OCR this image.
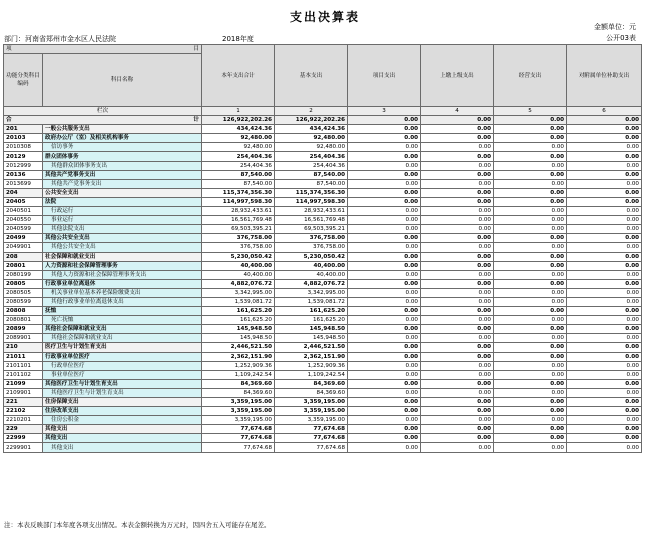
支出决算表
金额单位：元
公开03表
部门：河南省郑州市金水区人民法院	2018年度
项 目		本年支出合计	基本支出	项目支出	上缴上级支出	经营支出	对附属单位补助支出
功能分类科目编码	科目名称						
栏次		1	2	3	4	5	6

合 计		126,922,202.26	126,922,202.26	0.00	0.00	0.00	0.00
201	一般公共服务支出	434,424.36	434,424.36	0.00	0.00	0.00	0.00
20103	政府办公厅（室）及相关机构事务	92,480.00	92,480.00	0.00	0.00	0.00	0.00
2010308	信访事务	92,480.00	92,480.00	0.00	0.00	0.00	0.00
20129	群众团体事务	254,404.36	254,404.36	0.00	0.00	0.00	0.00
2012999	其他群众团体事务支出	254,404.36	254,404.36	0.00	0.00	0.00	0.00
20136	其他共产党事务支出	87,540.00	87,540.00	0.00	0.00	0.00	0.00
2013699	其他共产党事务支出	87,540.00	87,540.00	0.00	0.00	0.00	0.00
204	公共安全支出	115,374,356.30	115,374,356.30	0.00	0.00	0.00	0.00
20405	法院	114,997,598.30	114,997,598.30	0.00	0.00	0.00	0.00
2040501	行政运行	28,932,433.61	28,932,433.61	0.00	0.00	0.00	0.00
2040550	事业运行	16,561,769.48	16,561,769.48	0.00	0.00	0.00	0.00
2040599	其他法院支出	69,503,395.21	69,503,395.21	0.00	0.00	0.00	0.00
20499	其他公共安全支出	376,758.00	376,758.00	0.00	0.00	0.00	0.00
2049901	其他公共安全支出	376,758.00	376,758.00	0.00	0.00	0.00	0.00
208	社会保障和就业支出	5,230,050.42	5,230,050.42	0.00	0.00	0.00	0.00
20801	人力资源和社会保障管理事务	40,400.00	40,400.00	0.00	0.00	0.00	0.00
2080199	其他人力资源和社会保障管理事务支出	40,400.00	40,400.00	0.00	0.00	0.00	0.00
20805	行政事业单位离退休	4,882,076.72	4,882,076.72	0.00	0.00	0.00	0.00
2080505	机关事业单位基本养老保险缴费支出	3,342,995.00	3,342,995.00	0.00	0.00	0.00	0.00
2080599	其他行政事业单位离退休支出	1,539,081.72	1,539,081.72	0.00	0.00	0.00	0.00
20808	抚恤	161,625.20	161,625.20	0.00	0.00	0.00	0.00
2080801	死亡抚恤	161,625.20	161,625.20	0.00	0.00	0.00	0.00
20899	其他社会保障和就业支出	145,948.50	145,948.50	0.00	0.00	0.00	0.00
2089901	其他社会保障和就业支出	145,948.50	145,948.50	0.00	0.00	0.00	0.00
210	医疗卫生与计划生育支出	2,446,521.50	2,446,521.50	0.00	0.00	0.00	0.00
21011	行政事业单位医疗	2,362,151.90	2,362,151.90	0.00	0.00	0.00	0.00
2101101	行政单位医疗	1,252,909.36	1,252,909.36	0.00	0.00	0.00	0.00
2101102	事业单位医疗	1,109,242.54	1,109,242.54	0.00	0.00	0.00	0.00
21099	其他医疗卫生与计划生育支出	84,369.60	84,369.60	0.00	0.00	0.00	0.00
2109901	其他医疗卫生与计划生育支出	84,369.60	84,369.60	0.00	0.00	0.00	0.00
221	住房保障支出	3,359,195.00	3,359,195.00	0.00	0.00	0.00	0.00
22102	住房改革支出	3,359,195.00	3,359,195.00	0.00	0.00	0.00	0.00
2210201	住房公积金	3,359,195.00	3,359,195.00	0.00	0.00	0.00	0.00
229	其他支出	77,674.68	77,674.68	0.00	0.00	0.00	0.00
22999	其他支出	77,674.68	77,674.68	0.00	0.00	0.00	0.00
2299901	其他支出	77,674.68	77,674.68	0.00	0.00	0.00	0.00
注：本表反映部门本年度各项支出情况。本表金额转换为万元时，因四舍五入可能存在尾差。
